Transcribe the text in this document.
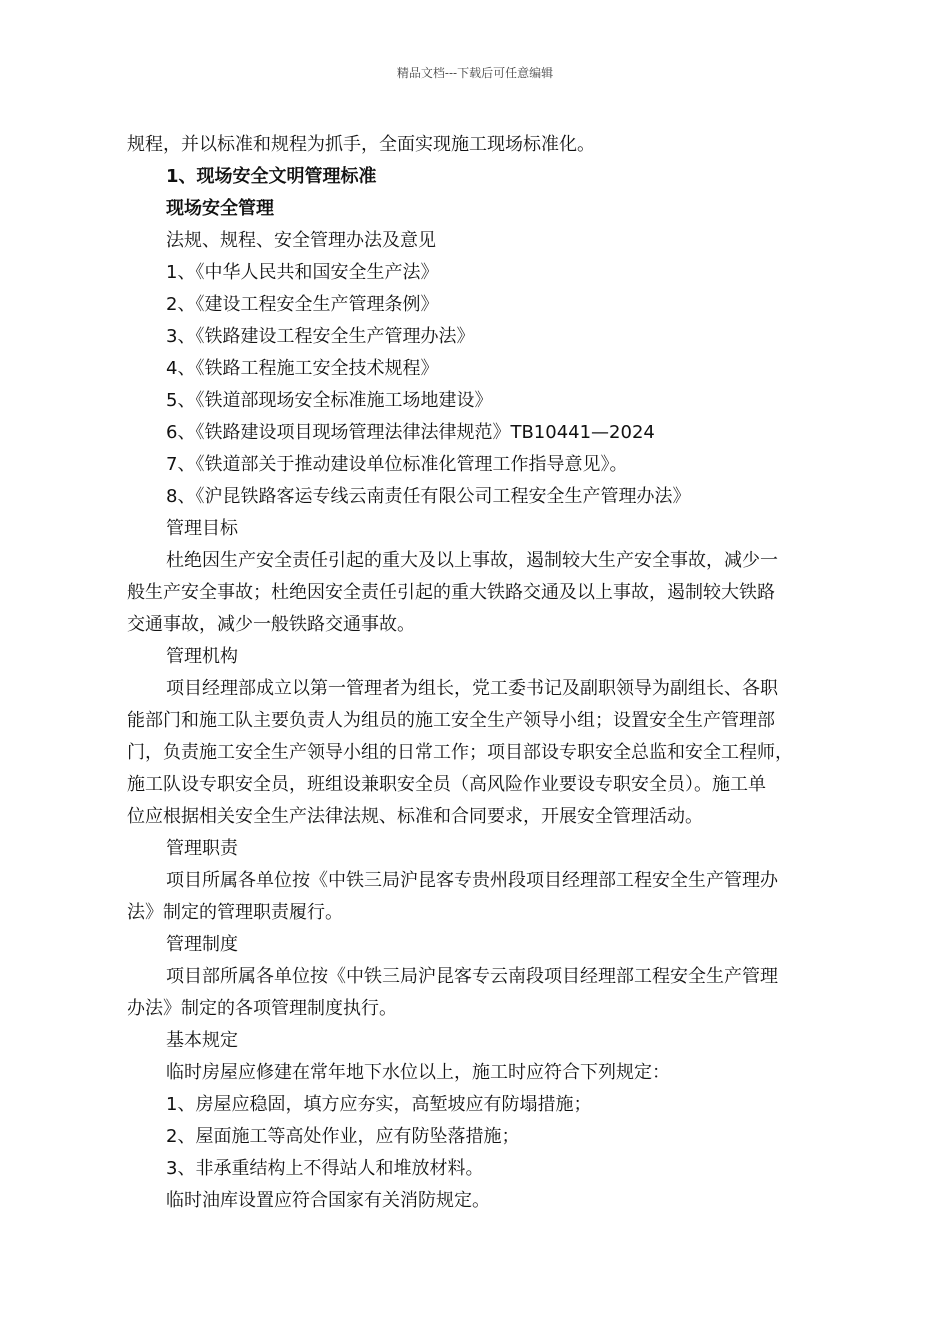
精品文档---下载后可任意编辑
规程，并以标准和规程为抓手，全面实现施工现场标准化。
1、现场安全文明管理标准
现场安全管理
法规、规程、安全管理办法及意见
1、《中华人民共和国安全生产法》
2、《建设工程安全生产管理条例》
3、《铁路建设工程安全生产管理办法》
4、《铁路工程施工安全技术规程》
5、《铁道部现场安全标准施工场地建设》
6、《铁路建设项目现场管理法律法律规范》TB10441—2024
7、《铁道部关于推动建设单位标准化管理工作指导意见》。
8、《沪昆铁路客运专线云南责任有限公司工程安全生产管理办法》
管理目标
杜绝因生产安全责任引起的重大及以上事故，遏制较大生产安全事故，减少一
般生产安全事故；杜绝因安全责任引起的重大铁路交通及以上事故，遏制较大铁路
交通事故，减少一般铁路交通事故。
管理机构
项目经理部成立以第一管理者为组长，党工委书记及副职领导为副组长、各职
能部门和施工队主要负责人为组员的施工安全生产领导小组；设置安全生产管理部
门，负责施工安全生产领导小组的日常工作；项目部设专职安全总监和安全工程师，
施工队设专职安全员，班组设兼职安全员（高风险作业要设专职安全员）。施工单
位应根据相关安全生产法律法规、标准和合同要求，开展安全管理活动。
管理职责
项目所属各单位按《中铁三局沪昆客专贵州段项目经理部工程安全生产管理办
法》制定的管理职责履行。
管理制度
项目部所属各单位按《中铁三局沪昆客专云南段项目经理部工程安全生产管理
办法》制定的各项管理制度执行。
基本规定
临时房屋应修建在常年地下水位以上，施工时应符合下列规定：
1、房屋应稳固，填方应夯实，高堑坡应有防塌措施；
2、屋面施工等高处作业，应有防坠落措施；
3、非承重结构上不得站人和堆放材料。
临时油库设置应符合国家有关消防规定。
